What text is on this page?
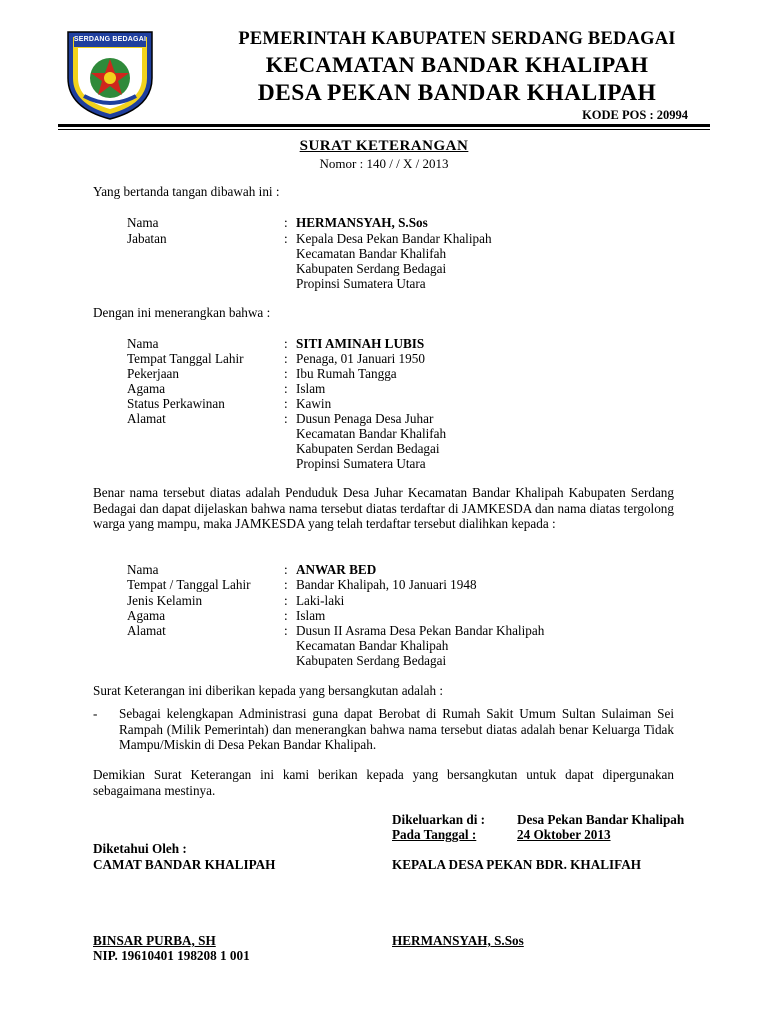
SERDANG BEDAGAI	PEMERINTAH KABUPATEN SERDANG BEDAGAI
KECAMATAN BANDAR KHALIPAH
DESA PEKAN BANDAR KHALIPAH
KODE POS : 20994
SURAT KETERANGAN
Nomor : 140 / / X / 2013
Yang bertanda tangan dibawah ini :
Nama	: HERMANSYAH, S.Sos
Jabatan	: Kepala Desa Pekan Bandar Khalipah
Kecamatan Bandar Khalifah
Kabupaten Serdang Bedagai
Propinsi Sumatera Utara
Dengan ini menerangkan bahwa :
Nama	: SITI AMINAH LUBIS
Tempat Tanggal Lahir	: Penaga, 01 Januari 1950
Pekerjaan	: Ibu Rumah Tangga
Agama	: Islam
Status Perkawinan	: Kawin
Alamat	: Dusun Penaga Desa Juhar
Kecamatan Bandar Khalifah
Kabupaten Serdan Bedagai
Propinsi Sumatera Utara
Benar nama tersebut diatas adalah Penduduk Desa Juhar Kecamatan Bandar Khalipah Kabupaten Serdang Bedagai dan dapat dijelaskan bahwa nama tersebut diatas terdaftar di JAMKESDA dan nama diatas tergolong warga yang mampu, maka JAMKESDA yang telah terdaftar tersebut dialihkan kepada :
Nama	: ANWAR BED
Tempat / Tanggal Lahir	: Bandar Khalipah, 10 Januari 1948
Jenis Kelamin	: Laki-laki
Agama	: Islam
Alamat	: Dusun II Asrama Desa Pekan Bandar Khalipah
Kecamatan Bandar Khalipah
Kabupaten Serdang Bedagai
Surat Keterangan ini diberikan kepada yang bersangkutan adalah :
- Sebagai kelengkapan Administrasi guna dapat Berobat di Rumah Sakit Umum Sultan Sulaiman Sei Rampah (Milik Pemerintah) dan menerangkan bahwa nama tersebut diatas adalah benar Keluarga Tidak Mampu/Miskin di Desa Pekan Bandar Khalipah.
Demikian Surat Keterangan ini kami berikan kepada yang bersangkutan untuk dapat dipergunakan sebagaimana mestinya.
Dikeluarkan di : Desa Pekan Bandar Khalipah
Pada Tanggal :	24 Oktober 2013
Diketahui Oleh :
CAMAT BANDAR KHALIPAH	KEPALA DESA PEKAN BDR. KHALIFAH
BINSAR PURBA, SH	HERMANSYAH, S.Sos
NIP. 19610401 198208 1 001
